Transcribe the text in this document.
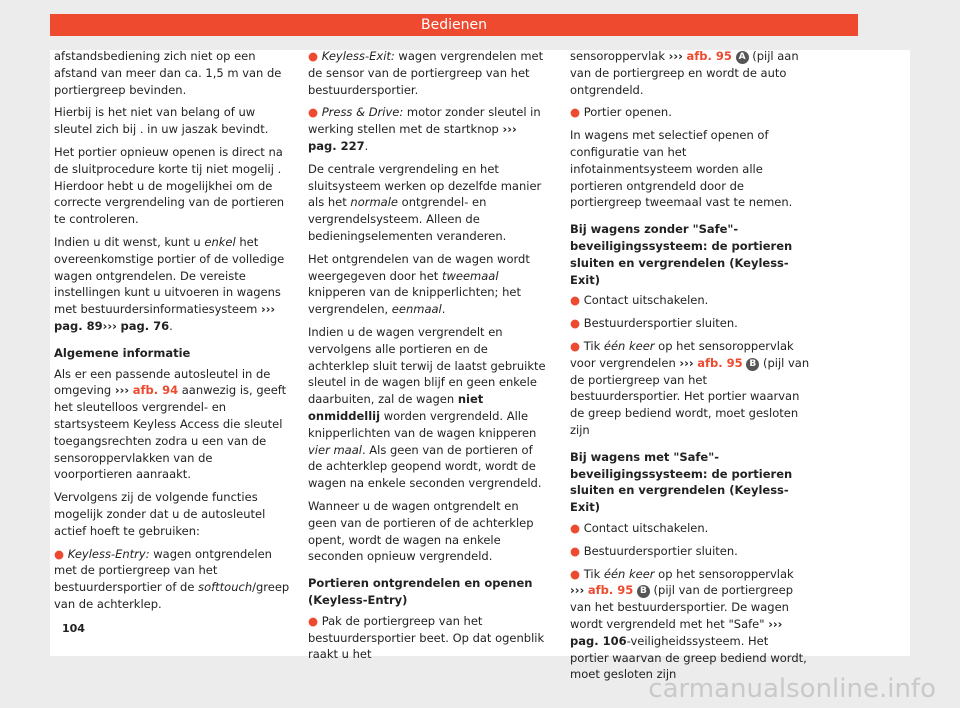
Bedienen

afstandsbediening zich niet op een afstand van meer dan ca. 1,5 m van de portiergreep bevinden.

Hierbij is het niet van belang of uw sleutel zich bij . in uw jaszak bevindt.

Het portier opnieuw openen is direct na de sluitprocedure korte tij niet mogelij . Hierdoor hebt u de mogelijkhei om de correcte vergrendeling van de portieren te controleren.

Indien u dit wenst, kunt u enkel het overeenkomstige portier of de volledige wagen ontgrendelen. De vereiste instellingen kunt u uitvoeren in wagens met bestuurdersinformatiesysteem ››› pag. 89››› pag. 76.

Algemene informatie

Als er een passende autosleutel in de omgeving ››› afb. 94 aanwezig is, geeft het sleutelloos vergrendel- en startsysteem Keyless Access die sleutel toegangsrechten zodra u een van de sensoroppervlakken van de voorportieren aanraakt.

Vervolgens zij de volgende functies mogelijk zonder dat u de autosleutel actief hoeft te gebruiken:

● Keyless-Entry: wagen ontgrendelen met de portiergreep van het bestuurdersportier of de softtouch/greep van de achterklep.

● Keyless-Exit: wagen vergrendelen met de sensor van de portiergreep van het bestuurdersportier.

● Press & Drive: motor zonder sleutel in werking stellen met de startknop ››› pag. 227.

De centrale vergrendeling en het sluitsysteem werken op dezelfde manier als het normale ontgrendel- en vergrendelsysteem. Alleen de bedieningselementen veranderen.

Het ontgrendelen van de wagen wordt weergegeven door het tweemaal knipperen van de knipperlichten; het vergrendelen, eenmaal.

Indien u de wagen vergrendelt en vervolgens alle portieren en de achterklep sluit terwij de laatst gebruikte sleutel in de wagen blijf en geen enkele daarbuiten, zal de wagen niet onmiddellij worden vergrendeld. Alle knipperlichten van de wagen knipperen vier maal. Als geen van de portieren of de achterklep geopend wordt, wordt de wagen na enkele seconden vergrendeld.

Wanneer u de wagen ontgrendelt en geen van de portieren of de achterklep opent, wordt de wagen na enkele seconden opnieuw vergrendeld.

Portieren ontgrendelen en openen (Keyless-Entry)

● Pak de portiergreep van het bestuurdersportier beet. Op dat ogenblik raakt u het

sensoroppervlak ››› afb. 95 A (pijl aan van de portiergreep en wordt de auto ontgrendeld.

● Portier openen.

In wagens met selectief openen of configuratie van het infotainmentsysteem worden alle portieren ontgrendeld door de portiergreep tweemaal vast te nemen.

Bij wagens zonder "Safe"-beveiligingssysteem: de portieren sluiten en vergrendelen (Keyless-Exit)

● Contact uitschakelen.

● Bestuurdersportier sluiten.

● Tik één keer op het sensoroppervlak voor vergrendelen ››› afb. 95 B (pijl van de portiergreep van het bestuurdersportier. Het portier waarvan de greep bediend wordt, moet gesloten zijn

Bij wagens met "Safe"-beveiligingssysteem: de portieren sluiten en vergrendelen (Keyless-Exit)

● Contact uitschakelen.

● Bestuurdersportier sluiten.

● Tik één keer op het sensoroppervlak ››› afb. 95 B (pijl van de portiergreep van het bestuurdersportier. De wagen wordt vergrendeld met het "Safe" ››› pag. 106-veiligheidssysteem. Het portier waarvan de greep bediend wordt, moet gesloten zijn

104
carmanualsonline.info
